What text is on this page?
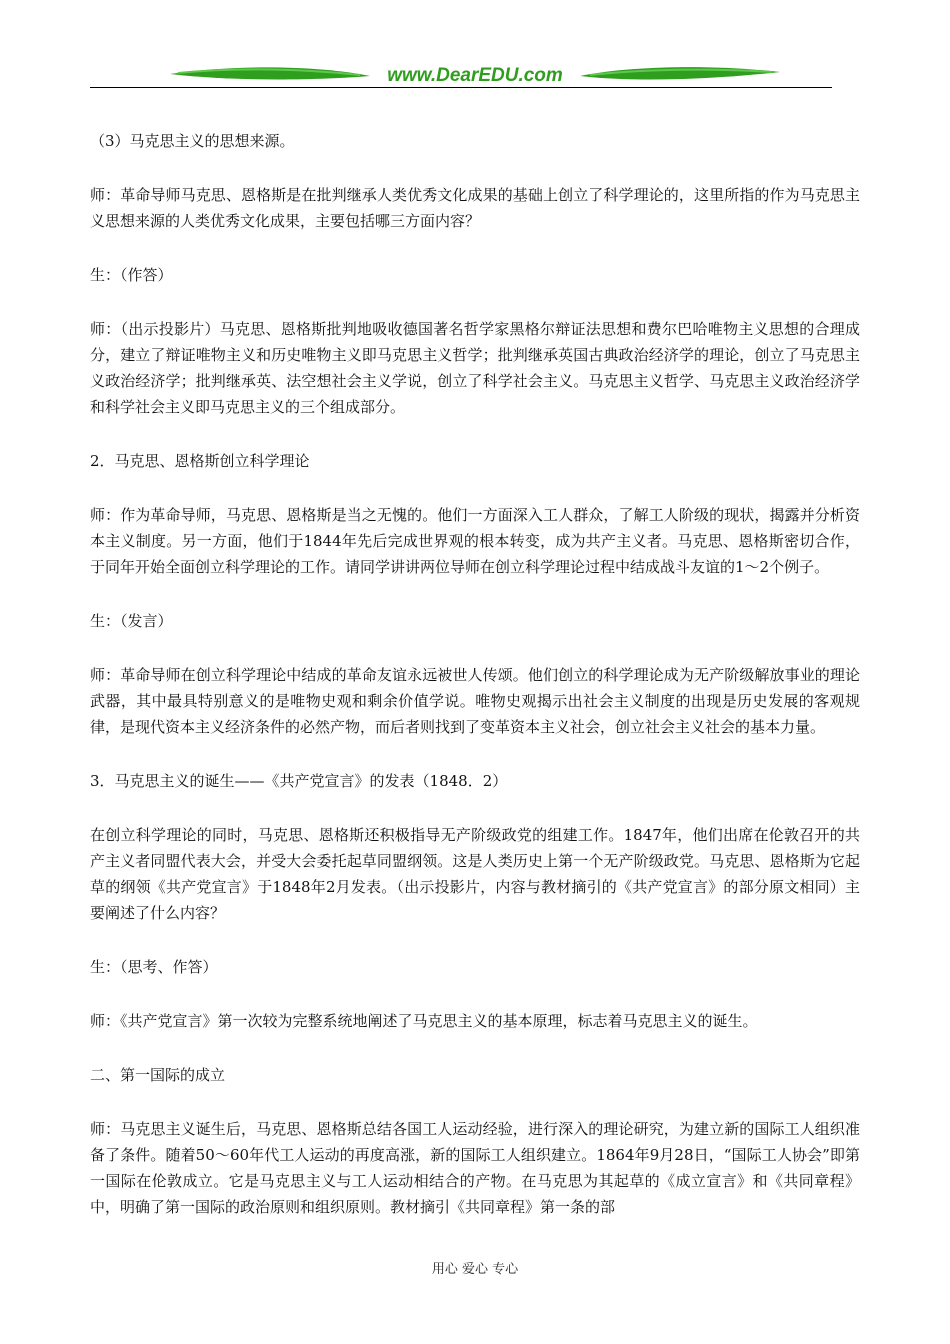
www.DearEDU.com

（3）马克思主义的思想来源。

师：革命导师马克思、恩格斯是在批判继承人类优秀文化成果的基础上创立了科学理论的，这里所指的作为马克思主义思想来源的人类优秀文化成果，主要包括哪三方面内容？

生：（作答）

师：（出示投影片）马克思、恩格斯批判地吸收德国著名哲学家黑格尔辩证法思想和费尔巴哈唯物主义思想的合理成分，建立了辩证唯物主义和历史唯物主义即马克思主义哲学；批判继承英国古典政治经济学的理论，创立了马克思主义政治经济学；批判继承英、法空想社会主义学说，创立了科学社会主义。马克思主义哲学、马克思主义政治经济学和科学社会主义即马克思主义的三个组成部分。

2．马克思、恩格斯创立科学理论

师：作为革命导师，马克思、恩格斯是当之无愧的。他们一方面深入工人群众，了解工人阶级的现状，揭露并分析资本主义制度。另一方面，他们于1844年先后完成世界观的根本转变，成为共产主义者。马克思、恩格斯密切合作，于同年开始全面创立科学理论的工作。请同学讲讲两位导师在创立科学理论过程中结成战斗友谊的1～2个例子。

生：（发言）

师：革命导师在创立科学理论中结成的革命友谊永远被世人传颂。他们创立的科学理论成为无产阶级解放事业的理论武器，其中最具特别意义的是唯物史观和剩余价值学说。唯物史观揭示出社会主义制度的出现是历史发展的客观规律，是现代资本主义经济条件的必然产物，而后者则找到了变革资本主义社会，创立社会主义社会的基本力量。

3．马克思主义的诞生——《共产党宣言》的发表（1848．2）

在创立科学理论的同时，马克思、恩格斯还积极指导无产阶级政党的组建工作。1847年，他们出席在伦敦召开的共产主义者同盟代表大会，并受大会委托起草同盟纲领。这是人类历史上第一个无产阶级政党。马克思、恩格斯为它起草的纲领《共产党宣言》于1848年2月发表。（出示投影片，内容与教材摘引的《共产党宣言》的部分原文相同）主要阐述了什么内容？

生：（思考、作答）

师：《共产党宣言》第一次较为完整系统地阐述了马克思主义的基本原理，标志着马克思主义的诞生。

二、第一国际的成立

师：马克思主义诞生后，马克思、恩格斯总结各国工人运动经验，进行深入的理论研究，为建立新的国际工人组织准备了条件。随着50～60年代工人运动的再度高涨，新的国际工人组织建立。1864年9月28日，“国际工人协会”即第一国际在伦敦成立。它是马克思主义与工人运动相结合的产物。在马克思为其起草的《成立宣言》和《共同章程》中，明确了第一国际的政治原则和组织原则。教材摘引《共同章程》第一条的部

用心 爱心 专心
